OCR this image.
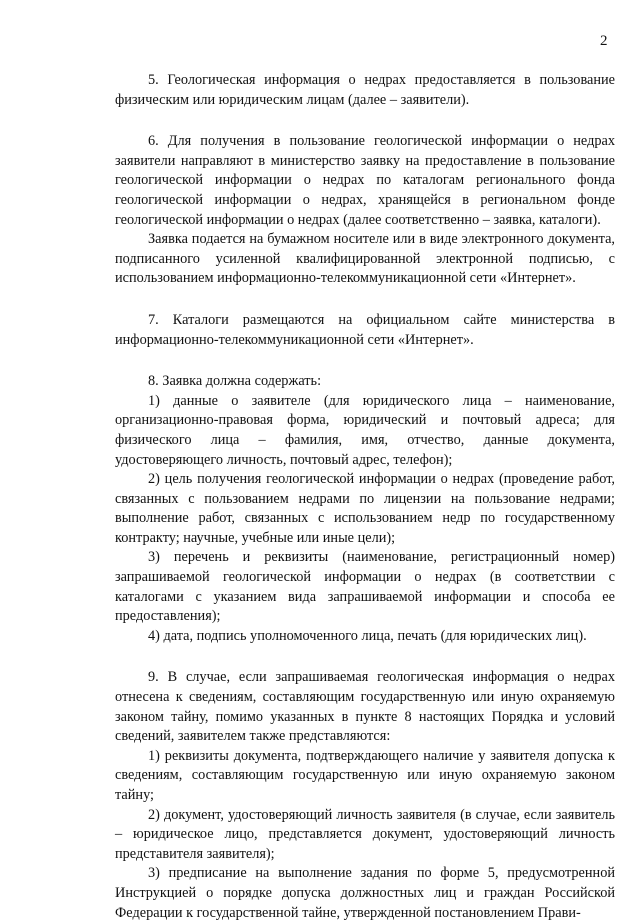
2

5. Геологическая информация о недрах предоставляется в пользование физическим или юридическим лицам (далее – заявители).

6. Для получения в пользование геологической информации о недрах заявители направляют в министерство заявку на предоставление в пользование геологической информации о недрах по каталогам регионального фонда геологической информации о недрах, хранящейся в региональном фонде геологической информации о недрах (далее соответственно – заявка, каталоги).

Заявка подается на бумажном носителе или в виде электронного документа, подписанного усиленной квалифицированной электронной подписью, с использованием информационно-телекоммуникационной сети «Интернет».

7. Каталоги размещаются на официальном сайте министерства в информационно-телекоммуникационной сети «Интернет».

8. Заявка должна содержать:

1) данные о заявителе (для юридического лица – наименование, организационно-правовая форма, юридический и почтовый адреса; для физического лица – фамилия, имя, отчество, данные документа, удостоверяющего личность, почтовый адрес, телефон);

2) цель получения геологической информации о недрах (проведение работ, связанных с пользованием недрами по лицензии на пользование недрами; выполнение работ, связанных с использованием недр по государственному контракту; научные, учебные или иные цели);

3) перечень и реквизиты (наименование, регистрационный номер) запрашиваемой геологической информации о недрах (в соответствии с каталогами с указанием вида запрашиваемой информации и способа ее предоставления);

4) дата, подпись уполномоченного лица, печать (для юридических лиц).

9. В случае, если запрашиваемая геологическая информация о недрах отнесена к сведениям, составляющим государственную или иную охраняемую законом тайну, помимо указанных в пункте 8 настоящих Порядка и условий сведений, заявителем также представляются:

1) реквизиты документа, подтверждающего наличие у заявителя допуска к сведениям, составляющим государственную или иную охраняемую законом тайну;

2) документ, удостоверяющий личность заявителя (в случае, если заявитель – юридическое лицо, представляется документ, удостоверяющий личность представителя заявителя);

3) предписание на выполнение задания по форме 5, предусмотренной Инструкцией о порядке допуска должностных лиц и граждан Российской Федерации к государственной тайне, утвержденной постановлением Прави-
